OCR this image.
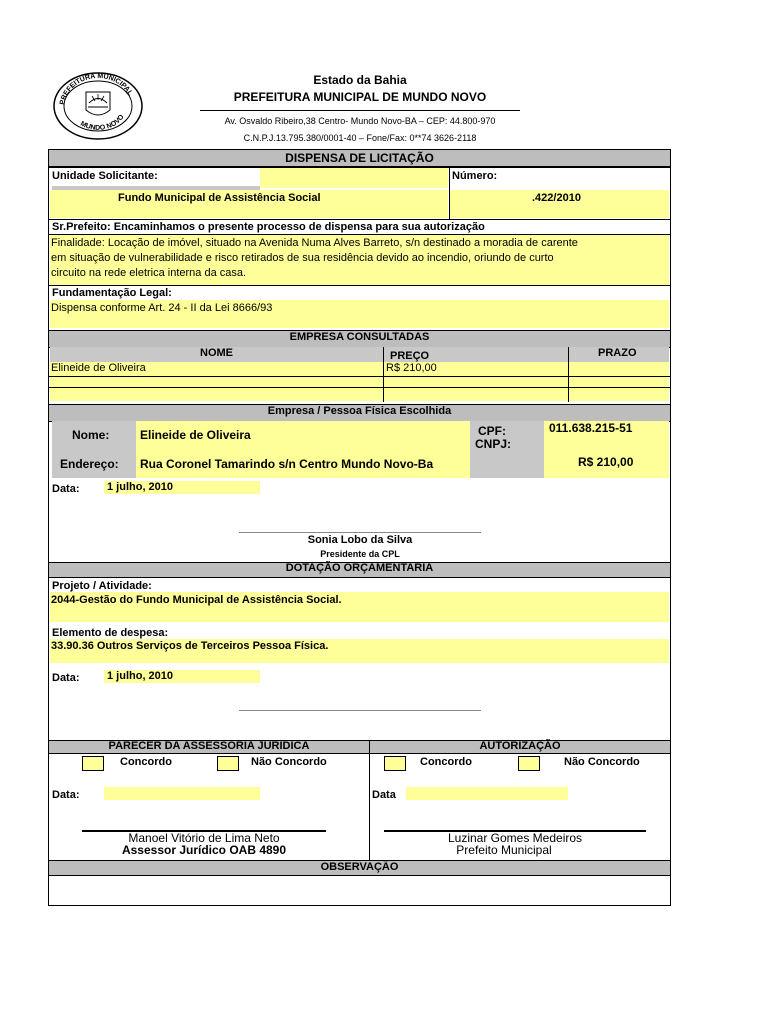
PREFEITURA MUNICIPAL
MUNDO NOVO
Estado da Bahia
PREFEITURA MUNICIPAL DE MUNDO NOVO
Av. Osvaldo Ribeiro,38 Centro- Mundo Novo-BA – CEP: 44.800-970
C.N.P.J.13.795.380/0001-40 – Fone/Fax: 0**74 3626-2118
DISPENSA DE LICITAÇÃO
Unidade Solicitante:	Número:
Fundo Municipal de Assistência Social	.422/2010
Sr.Prefeito: Encaminhamos o presente processo de dispensa para sua autorização
Finalidade: Locação de imóvel, situado na Avenida Numa Alves Barreto, s/n destinado a moradia de carente
em situação de vulnerabilidade e risco retirados de sua residência devido ao incendio, oriundo de curto
circuito na rede eletrica interna da casa.
Fundamentação Legal:
Dispensa conforme Art. 24 - II da Lei 8666/93
EMPRESA CONSULTADAS
NOME	PREÇO	PRAZO
Elineide de Oliveira	R$ 210,00
Empresa / Pessoa Física Escolhida
Nome:	Elineide de Oliveira	CPF:
CNPJ:
011.638.215-51
Endereço: Rua Coronel Tamarindo s/n Centro Mundo Novo-Ba	R$ 210,00
Data: 1 julho, 2010
Sonia Lobo da Silva
Presidente da CPL
DOTAÇÃO ORÇAMENTARIA
Projeto / Atividade:
2044-Gestão do Fundo Municipal de Assistência Social.
Elemento de despesa:
33.90.36 Outros Serviços de Terceiros Pessoa Física.
Data: 1 julho, 2010
PARECER DA ASSESSORIA JURIDICA	AUTORIZAÇÃO
Concordo	Não Concordo	Concordo	Não Concordo
Data:	Data
Manoel Vitório de Lima Neto
Assessor Jurídico OAB 4890
Luzinar Gomes Medeiros
Prefeito Municipal
OBSERVAÇÃO
